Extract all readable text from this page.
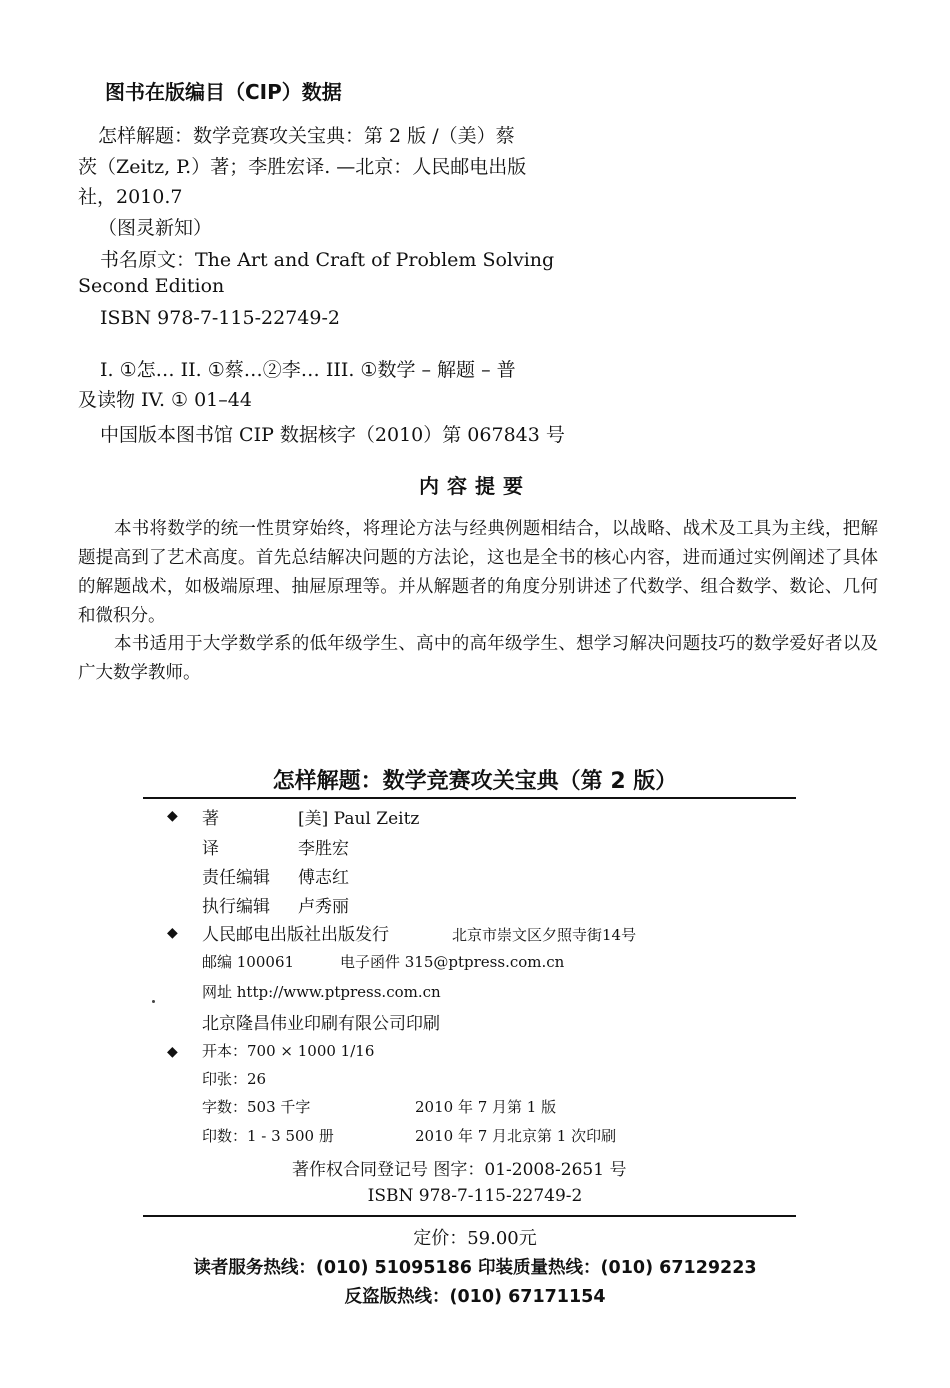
图书在版编目（CIP）数据
怎样解题：数学竞赛攻关宝典：第 2 版 /（美）蔡
茨（Zeitz, P.）著；李胜宏译. —北京：人民邮电出版
社，2010.7
（图灵新知）
书名原文：The Art and Craft of Problem Solving
Second Edition
ISBN 978-7-115-22749-2
I. ①怎… II. ①蔡…②李… III. ①数学 – 解题 – 普
及读物 IV. ① 01–44
中国版本图书馆 CIP 数据核字（2010）第 067843 号
内容提要
本书将数学的统一性贯穿始终，将理论方法与经典例题相结合，以战略、战术及工具为主线，把解题提高到了艺术高度。首先总结解决问题的方法论，这也是全书的核心内容，进而通过实例阐述了具体的解题战术，如极端原理、抽屉原理等。并从解题者的角度分别讲述了代数学、组合数学、数论、几何和微积分。
本书适用于大学数学系的低年级学生、高中的高年级学生、想学习解决问题技巧的数学爱好者以及广大数学教师。
怎样解题：数学竞赛攻关宝典（第 2 版）
◆ 著	[美] Paul Zeitz
译	李胜宏
责任编辑 傅志红
执行编辑 卢秀丽
◆ 人民邮电出版社出版发行	北京市崇文区夕照寺街14号
邮编 100061	电子函件 315@ptpress.com.cn
网址 http://www.ptpress.com.cn
北京隆昌伟业印刷有限公司印刷
◆ 开本：700 × 1000 1/16
印张：26
字数：503 千字	2010 年 7 月第 1 版
印数：1 - 3 500 册	2010 年 7 月北京第 1 次印刷
著作权合同登记号 图字：01-2008-2651 号
ISBN 978-7-115-22749-2
定价：59.00元
读者服务热线：(010) 51095186 印装质量热线：(010) 67129223
反盗版热线：(010) 67171154
